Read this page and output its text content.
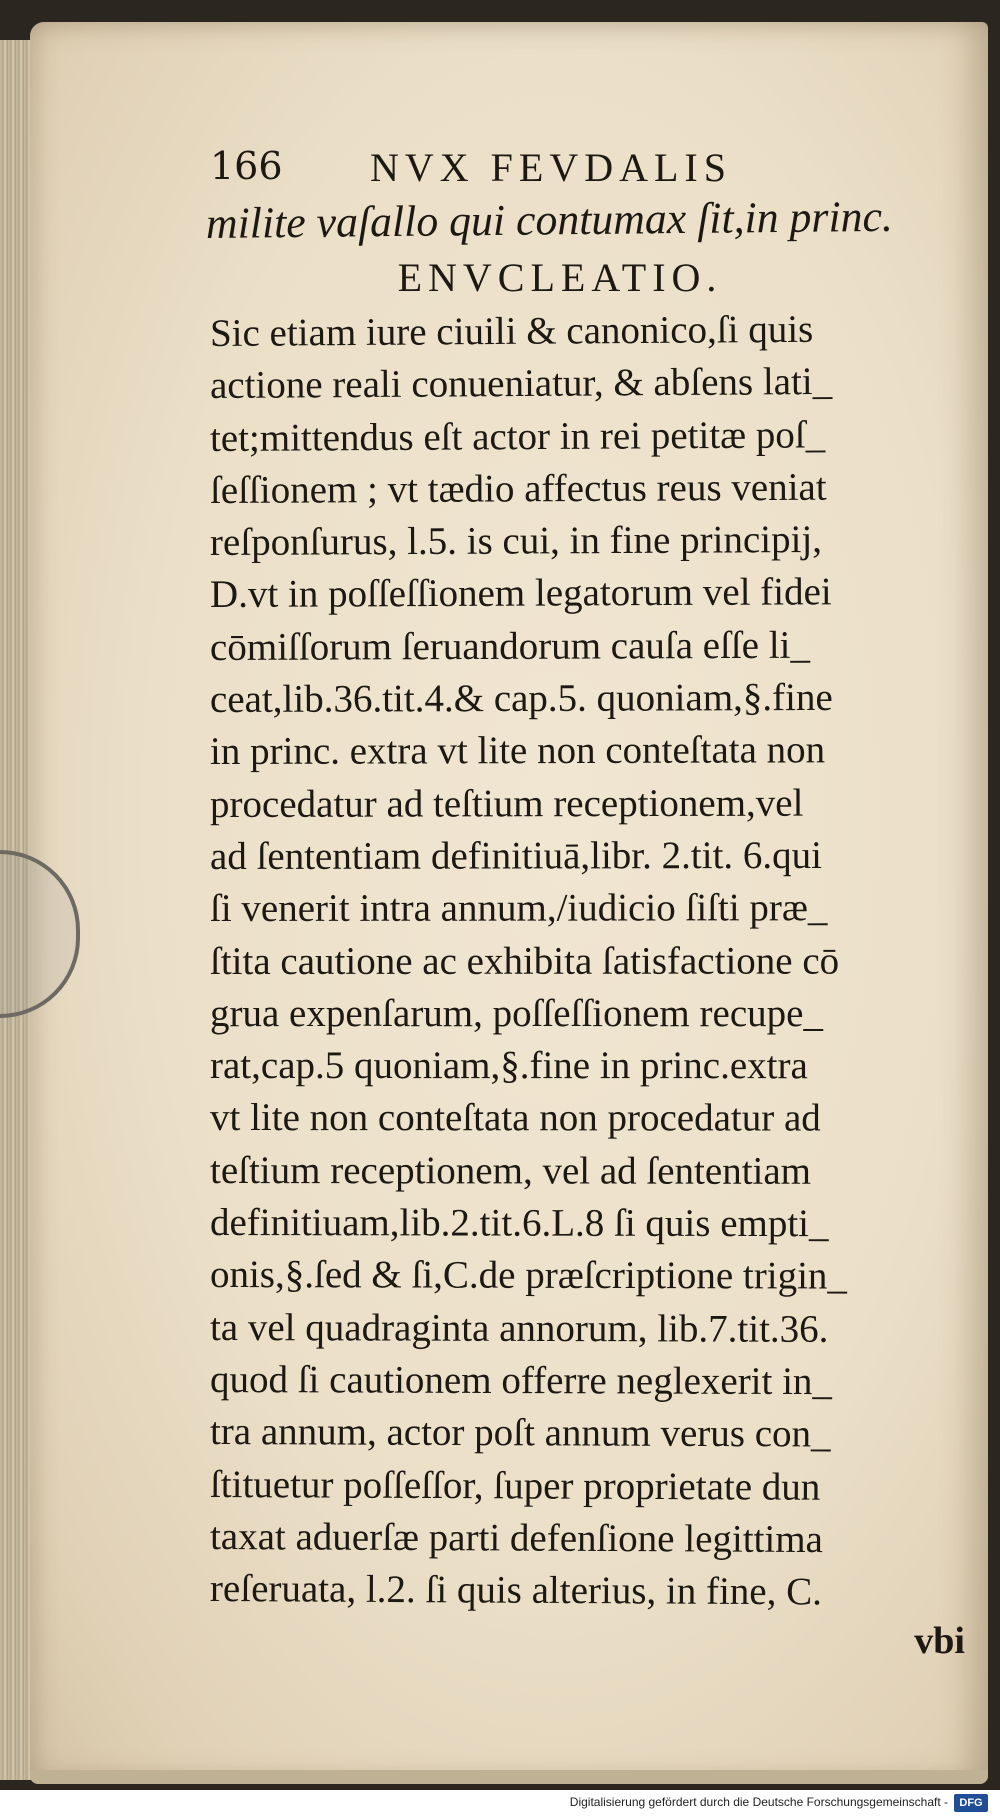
166 NVX FEVDALIS
milite vaſallo qui contumax ſit,in princ.
ENVCLEATIO.
Sic etiam iure ciuili & canonico,ſi quis
actione reali conueniatur, & abſens lati_
tet;mittendus eſt actor in rei petitæ poſ_
ſeſſionem ; vt tædio affectus reus veniat
reſponſurus, l.5. is cui, in fine principij,
D.vt in poſſeſſionem legatorum vel fidei
cōmiſſorum ſeruandorum cauſa eſſe li_
ceat,lib.36.tit.4.& cap.5. quoniam,§.fine
in princ. extra vt lite non conteſtata non
procedatur ad teſtium receptionem,vel
ad ſententiam definitiuā,libr. 2.tit. 6.qui
ſi venerit intra annum,/iudicio ſiſti præ_
ſtita cautione ac exhibita ſatisfactione cō
grua expenſarum, poſſeſſionem recupe_
rat,cap.5 quoniam,§.fine in princ.extra
vt lite non conteſtata non procedatur ad
teſtium receptionem, vel ad ſententiam
definitiuam,lib.2.tit.6.L.8 ſi quis empti_
onis,§.ſed & ſi,C.de præſcriptione trigin_
ta vel quadraginta annorum, lib.7.tit.36.
quod ſi cautionem offerre neglexerit in_
tra annum, actor poſt annum verus con_
ſtituetur poſſeſſor, ſuper proprietate dun
taxat aduerſæ parti defenſione legittima
reſeruata, l.2. ſi quis alterius, in fine, C.
vbi
Digitalisierung gefördert durch die Deutsche Forschungsgemeinschaft -	DFG
